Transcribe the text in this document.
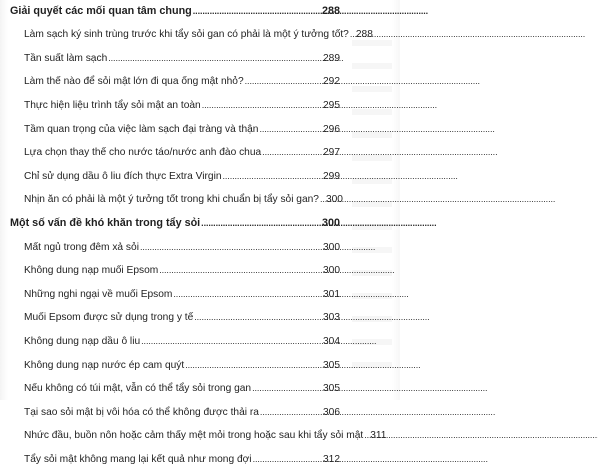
Giải quyết các mối quan tâm chung . . .	288
Làm sạch ký sinh trùng trước khi tẩy sỏi gan có phải là một ý tưởng tốt? . . . 288
Tần suất làm sạch . . .	289
Làm thế nào để sỏi mật lớn đi qua ống mật nhỏ? . . .	292
Thực hiện liệu trình tẩy sỏi mật an toàn . . .	295
Tầm quan trọng của việc làm sạch đại tràng và thận . . .	296
Lựa chọn thay thế cho nước táo/nước anh đào chua . . .	297
Chỉ sử dụng dầu ô liu đích thực Extra Virgin . . .	299
Nhịn ăn có phải là một ý tưởng tốt trong khi chuẩn bị tẩy sỏi gan? . . . 300
Một số vấn đề khó khăn trong tẩy sỏi . . .	300
Mất ngủ trong đêm xả sỏi . . .	300
Không dung nạp muối Epsom . . .	300
Những nghi ngại về muối Epsom . . .	301
Muối Epsom được sử dụng trong y tế . . .	303
Không dung nạp dầu ô liu . . .	304
Không dung nạp nước ép cam quýt . . .	305
Nếu không có túi mật, vẫn có thể tẩy sỏi trong gan . . .	305
Tại sao sỏi mật bị vôi hóa có thể không được thải ra . . .	306
Nhức đầu, buồn nôn hoặc cảm thấy mệt mỏi trong hoặc sau khi tẩy sỏi mật . . . 311
Tẩy sỏi mật không mang lại kết quả như mong đợi . . .	312
